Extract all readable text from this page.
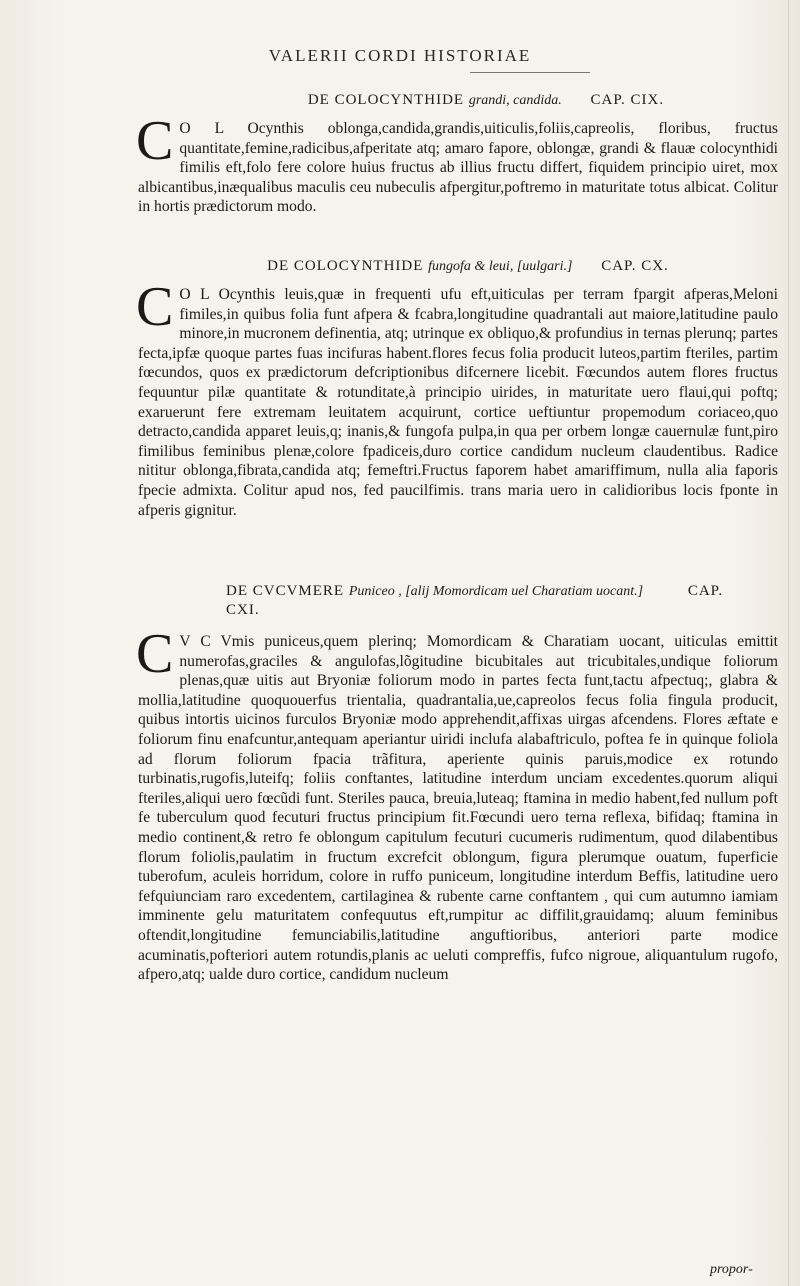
VALERII CORDI HISTORIAE
DE COLOCYNTHIDE grandi, candida. CAP. CIX.
C O L Ocynthis oblonga,candida,grandis,uiticulis,foliis,capreolis, floribus, fructus quantitate,femine,radicibus,afperitate atq; amaro fapore, oblongæ, grandi & flauæ colocynthidi fimilis eft,folo fere colore huius fructus ab illius fructu differt, fiquidem principio uiret, mox albicantibus,inæqualibus maculis ceu nubeculis afpergitur,poftremo in maturitate totus albicat. Colitur in hortis prædictorum modo.

DE COLOCYNTHIDE fungofa & leui, [uulgari.] CAP. CX.
C O L Ocynthis leuis,quæ in frequenti ufu eft,uiticulas per terram fpargit afperas,Meloni fimiles,in quibus folia funt afpera & fcabra,longitudine quadrantali aut maiore,latitudine paulo minore,in mucronem definentia, atq; utrinque ex obliquo,& profundius in ternas plerunq; partes fecta,ipfæ quoque partes fuas incifuras habent.flores fecus folia producit luteos,partim fteriles, partim fœcundos, quos ex prædictorum defcriptionibus difcernere licebit. Fœcundos autem flores fructus fequuntur pilæ quantitate & rotunditate,à principio uirides, in maturitate uero flaui,qui poftq; exaruerunt fere extremam leuitatem acquirunt, cortice ueftiuntur propemodum coriaceo,quo detracto,candida apparet leuis,q; inanis,& fungofa pulpa,in qua per orbem longæ cauernulæ funt,piro fimilibus feminibus plenæ,colore fpadiceis,duro cortice candidum nucleum claudentibus. Radice nititur oblonga,fibrata,candida atq; femeftri.Fructus faporem habet amariffimum, nulla alia faporis fpecie admixta. Colitur apud nos, fed paucilfimis. trans maria uero in calidioribus locis fponte in afperis gignitur.

DE CVCVMERE Puniceo , [alij Momordicam uel Charatiam uocant.]	CAP. CXI.
C V C Vmis puniceus,quem plerinq; Momordicam & Charatiam uocant, uiticulas emittit numerofas,graciles & angulofas,lõgitudine bicubitales aut tricubitales,undique foliorum plenas,quæ uitis aut Bryoniæ foliorum modo in partes fecta funt,tactu afpectuq;, glabra & mollia,latitudine quoquouerfus trientalia, quadrantalia,ue,capreolos fecus folia fingula producit, quibus intortis uicinos furculos Bryoniæ modo apprehendit,affixas uirgas afcendens. Flores æftate e foliorum finu enafcuntur,antequam aperiantur uiridi inclufa alabaftriculo, poftea fe in quinque foliola ad florum foliorum fpacia trãfitura, aperiente quinis paruis,modice ex rotundo turbinatis,rugofis,luteifq; foliis conftantes, latitudine interdum unciam excedentes.quorum aliqui fteriles,aliqui uero fœcũdi funt. Steriles pauca, breuia,luteaq; ftamina in medio habent,fed nullum poft fe tuberculum quod fecuturi fructus principium fit.Fœcundi uero terna reflexa, bifidaq; ftamina in medio continent,& retro fe oblongum capitulum fecuturi cucumeris rudimentum, quod dilabentibus florum foliolis,paulatim in fructum excrefcit oblongum, figura plerumque ouatum, fuperficie tuberofum, aculeis horridum, colore in ruffo puniceum, longitudine interdum Beffis, latitudine uero fefquiunciam raro excedentem, cartilaginea & rubente carne conftantem , qui cum autumno iamiam imminente gelu maturitatem confequutus eft,rumpitur ac diffilit,grauidamq; aluum feminibus oftendit,longitudine femunciabilis,latitudine anguftioribus, anteriori parte modice acuminatis,pofteriori autem rotundis,planis ac ueluti compreffis, fufco nigroue, aliquantulum rugofo, afpero,atq; ualde duro cortice, candidum nucleum

propor-
